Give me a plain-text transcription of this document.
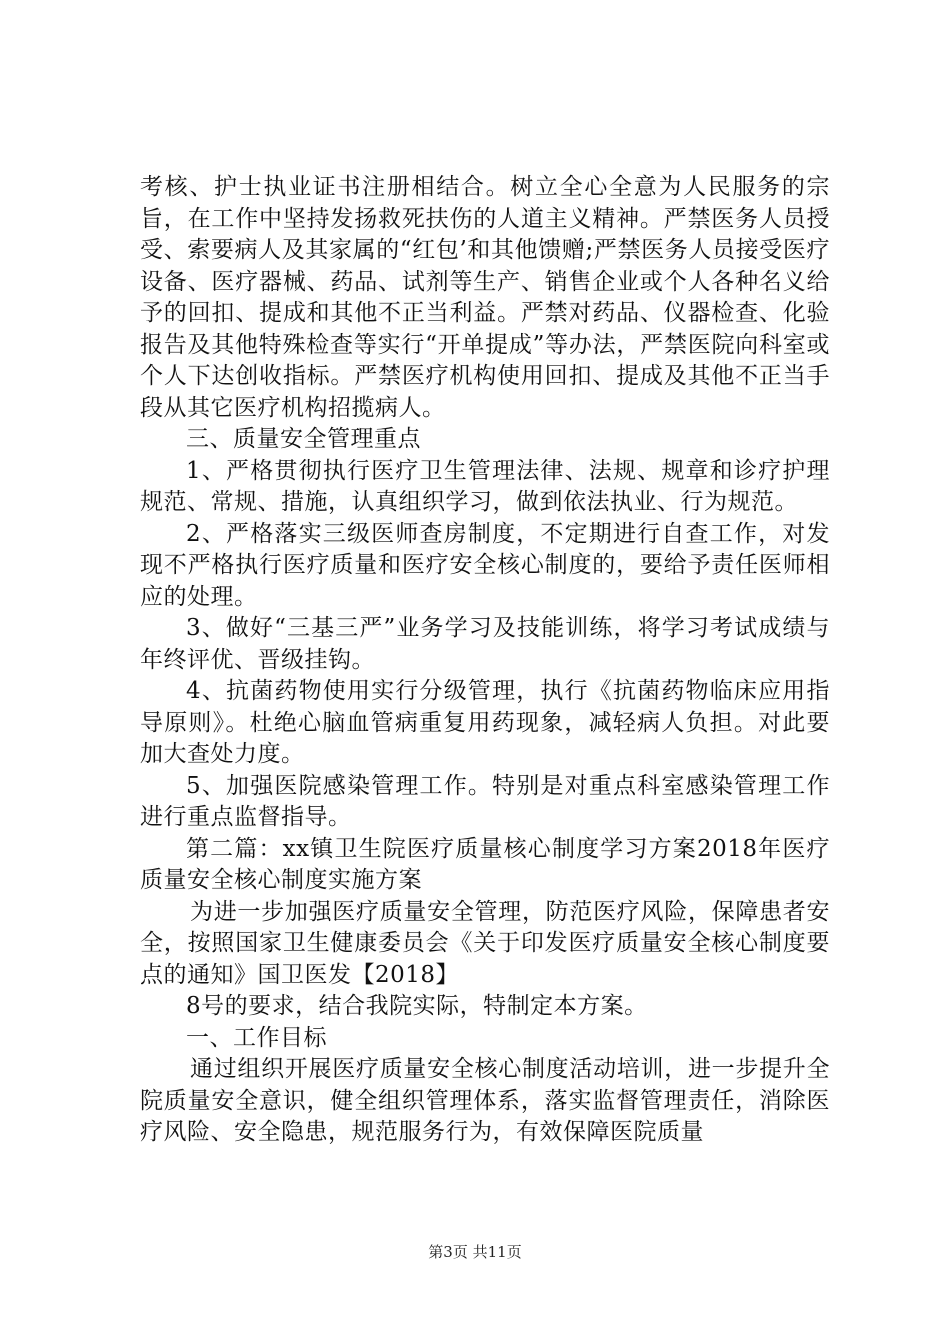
考核、护士执业证书注册相结合。树立全心全意为人民服务的宗旨，在工作中坚持发扬救死扶伤的人道主义精神。严禁医务人员授受、索要病人及其家属的“红包’和其他馈赠;严禁医务人员接受医疗设备、医疗器械、药品、试剂等生产、销售企业或个人各种名义给予的回扣、提成和其他不正当利益。严禁对药品、仪器检查、化验报告及其他特殊检查等实行“开单提成”等办法，严禁医院向科室或个人下达创收指标。严禁医疗机构使用回扣、提成及其他不正当手段从其它医疗机构招揽病人。

三、质量安全管理重点

1、严格贯彻执行医疗卫生管理法律、法规、规章和诊疗护理规范、常规、措施，认真组织学习，做到依法执业、行为规范。

2、严格落实三级医师查房制度，不定期进行自查工作，对发现不严格执行医疗质量和医疗安全核心制度的，要给予责任医师相应的处理。

3、做好“三基三严”业务学习及技能训练，将学习考试成绩与年终评优、晋级挂钩。

4、抗菌药物使用实行分级管理，执行《抗菌药物临床应用指导原则》。杜绝心脑血管病重复用药现象，减轻病人负担。对此要加大查处力度。

5、加强医院感染管理工作。特别是对重点科室感染管理工作进行重点监督指导。

第二篇：xx镇卫生院医疗质量核心制度学习方案2018年医疗质量安全核心制度实施方案

为进一步加强医疗质量安全管理，防范医疗风险，保障患者安全，按照国家卫生健康委员会《关于印发医疗质量安全核心制度要点的通知》国卫医发【2018】

8号的要求，结合我院实际，特制定本方案。

一、工作目标

通过组织开展医疗质量安全核心制度活动培训，进一步提升全院质量安全意识，健全组织管理体系，落实监督管理责任，消除医疗风险、安全隐患，规范服务行为，有效保障医院质量

第3页 共11页
